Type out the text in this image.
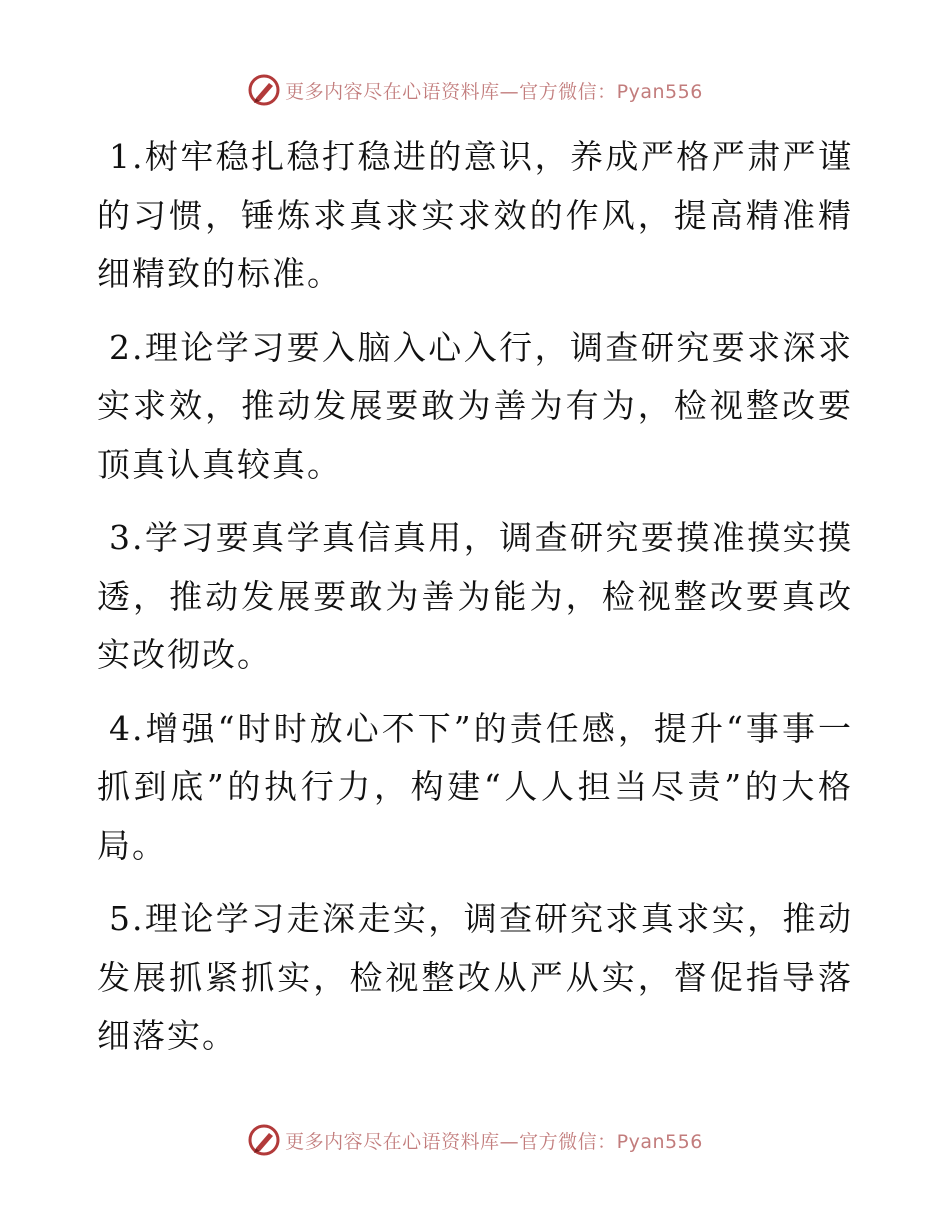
更多内容尽在心语资料库—官方微信：Pyan556

1.树牢稳扎稳打稳进的意识，养成严格严肃严谨的习惯，锤炼求真求实求效的作风，提高精准精细精致的标准。

2.理论学习要入脑入心入行，调查研究要求深求实求效，推动发展要敢为善为有为，检视整改要顶真认真较真。

3.学习要真学真信真用，调查研究要摸准摸实摸透，推动发展要敢为善为能为，检视整改要真改实改彻改。

4.增强“时时放心不下”的责任感，提升“事事一抓到底”的执行力，构建“人人担当尽责”的大格局。

5.理论学习走深走实，调查研究求真求实，推动发展抓紧抓实，检视整改从严从实，督促指导落细落实。

更多内容尽在心语资料库—官方微信：Pyan556
